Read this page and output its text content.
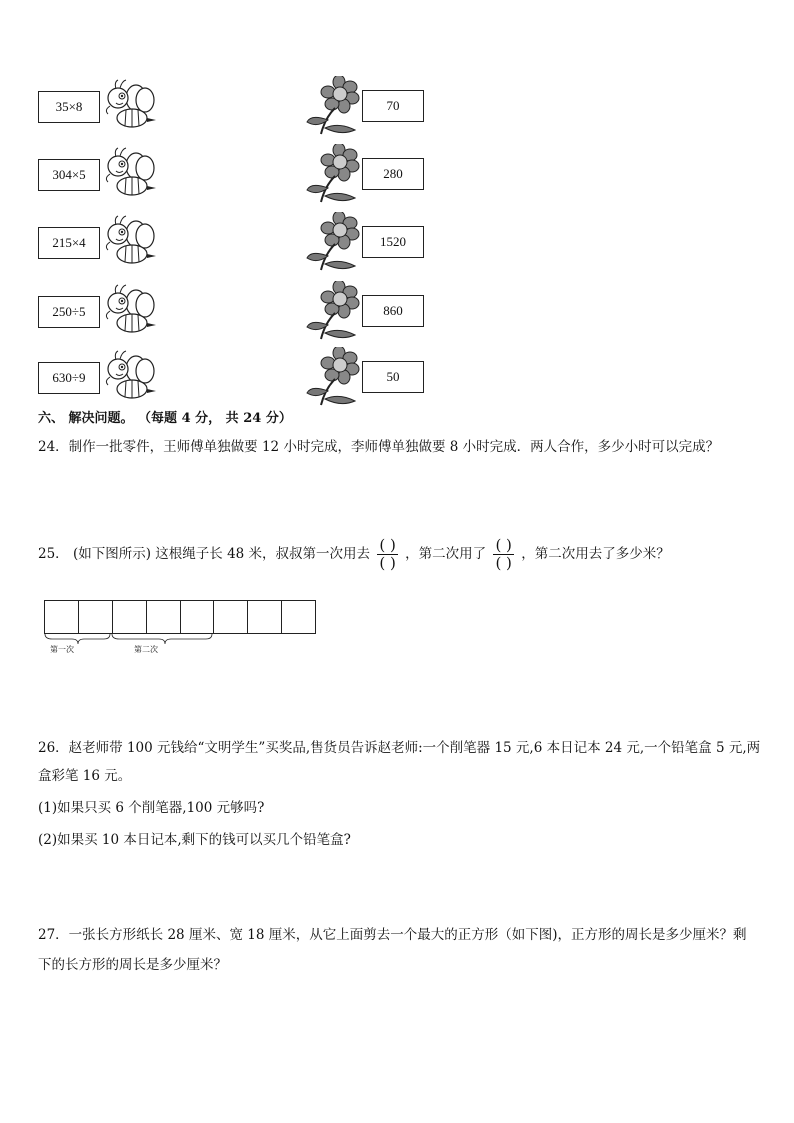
35×8	70
304×5	280
215×4	1520
250÷5	860
630÷9	50
六、 解决问题。 （每题 4 分， 共 24 分）
24．制作一批零件，王师傅单独做要 12 小时完成，李师傅单独做要 8 小时完成．两人合作，多少小时可以完成？
25． (如下图所示) 这根绳子长 48 米，叔叔第一次用去 $\frac{( )}{( )}$ ，第二次用了 $\frac{( )}{( )}$ ，第二次用去了多少米？
第一次	第二次
26．赵老师带 100 元钱给“文明学生”买奖品,售货员告诉赵老师:一个削笔器 15 元,6 本日记本 24 元,一个铅笔盒 5 元,两
盒彩笔 16 元。
(1)如果只买 6 个削笔器,100 元够吗?
(2)如果买 10 本日记本,剩下的钱可以买几个铅笔盒?
27．一张长方形纸长 28 厘米、宽 18 厘米，从它上面剪去一个最大的正方形（如下图)，正方形的周长是多少厘米？剩
下的长方形的周长是多少厘米？
